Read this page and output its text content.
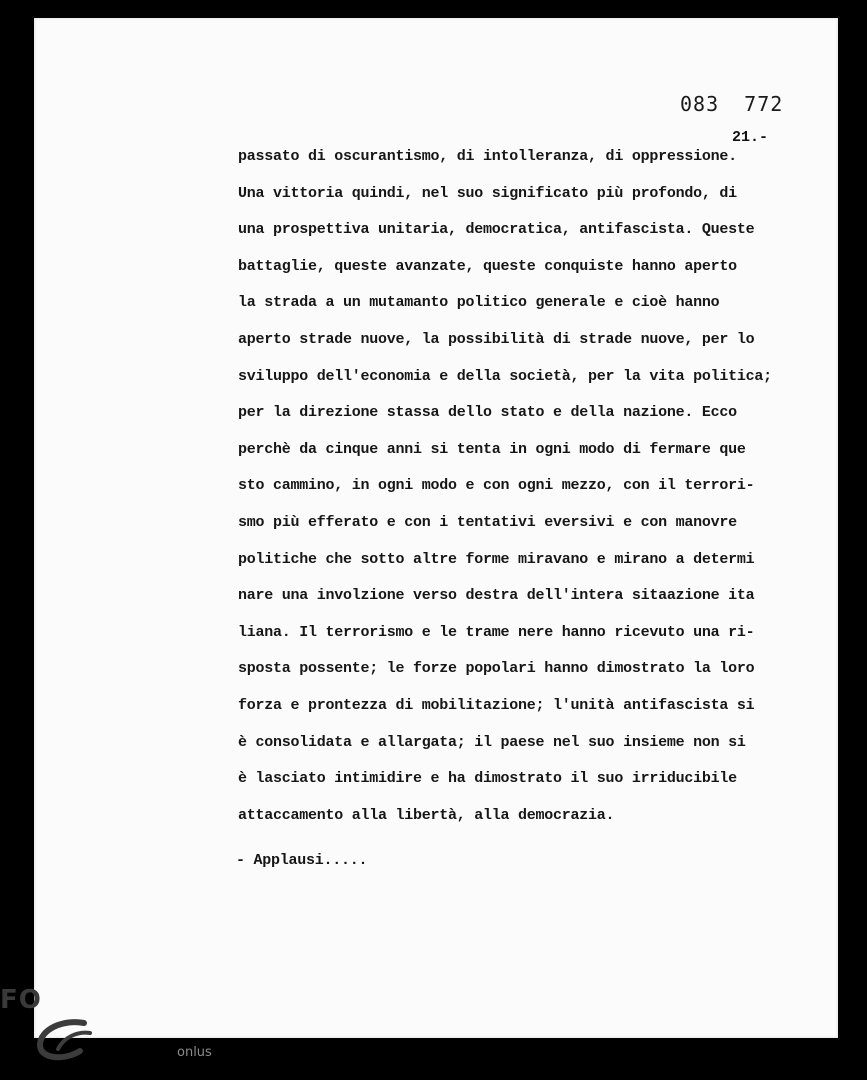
083 772
21.-
passato di oscurantismo, di intolleranza, di oppressione.
Una vittoria quindi, nel suo significato più profondo, di
una prospettiva unitaria, democratica, antifascista. Queste
battaglie, queste avanzate, queste conquiste hanno aperto
la strada a un mutamanto politico generale e cioè hanno
aperto strade nuove, la possibilità di strade nuove, per lo
sviluppo dell'economia e della società, per la vita politica;
per la direzione stassa dello stato e della nazione. Ecco
perchè da cinque anni si tenta in ogni modo di fermare que
sto cammino, in ogni modo e con ogni mezzo, con il terrori-
smo più efferato e con i tentativi eversivi e con manovre
politiche che sotto altre forme miravano e mirano a determi
nare una involzione verso destra dell'intera sitaazione ita
liana. Il terrorismo e le trame nere hanno ricevuto una ri-
sposta possente; le forze popolari hanno dimostrato la loro
forza e prontezza di mobilitazione; l'unità antifascista si
è consolidata e allargata; il paese nel suo insieme non si
è lasciato intimidire e ha dimostrato il suo irriducibile
attaccamento alla libertà, alla democrazia.
- Applausi.....
FO
onlus
